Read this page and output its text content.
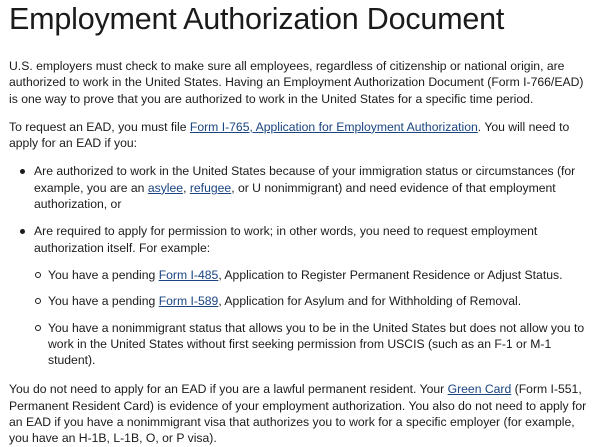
Employment Authorization Document

U.S. employers must check to make sure all employees, regardless of citizenship or national origin, are authorized to work in the United States. Having an Employment Authorization Document (Form I-766/EAD) is one way to prove that you are authorized to work in the United States for a specific time period.

To request an EAD, you must file Form I-765, Application for Employment Authorization. You will need to apply for an EAD if you:

Are authorized to work in the United States because of your immigration status or circumstances (for example, you are an asylee, refugee, or U nonimmigrant) and need evidence of that employment authorization, or
Are required to apply for permission to work; in other words, you need to request employment authorization itself. For example:
You have a pending Form I-485, Application to Register Permanent Residence or Adjust Status.
You have a pending Form I-589, Application for Asylum and for Withholding of Removal.
You have a nonimmigrant status that allows you to be in the United States but does not allow you to work in the United States without first seeking permission from USCIS (such as an F-1 or M-1 student).

You do not need to apply for an EAD if you are a lawful permanent resident. Your Green Card (Form I-551, Permanent Resident Card) is evidence of your employment authorization. You also do not need to apply for an EAD if you have a nonimmigrant visa that authorizes you to work for a specific employer (for example, you have an H-1B, L-1B, O, or P visa).
